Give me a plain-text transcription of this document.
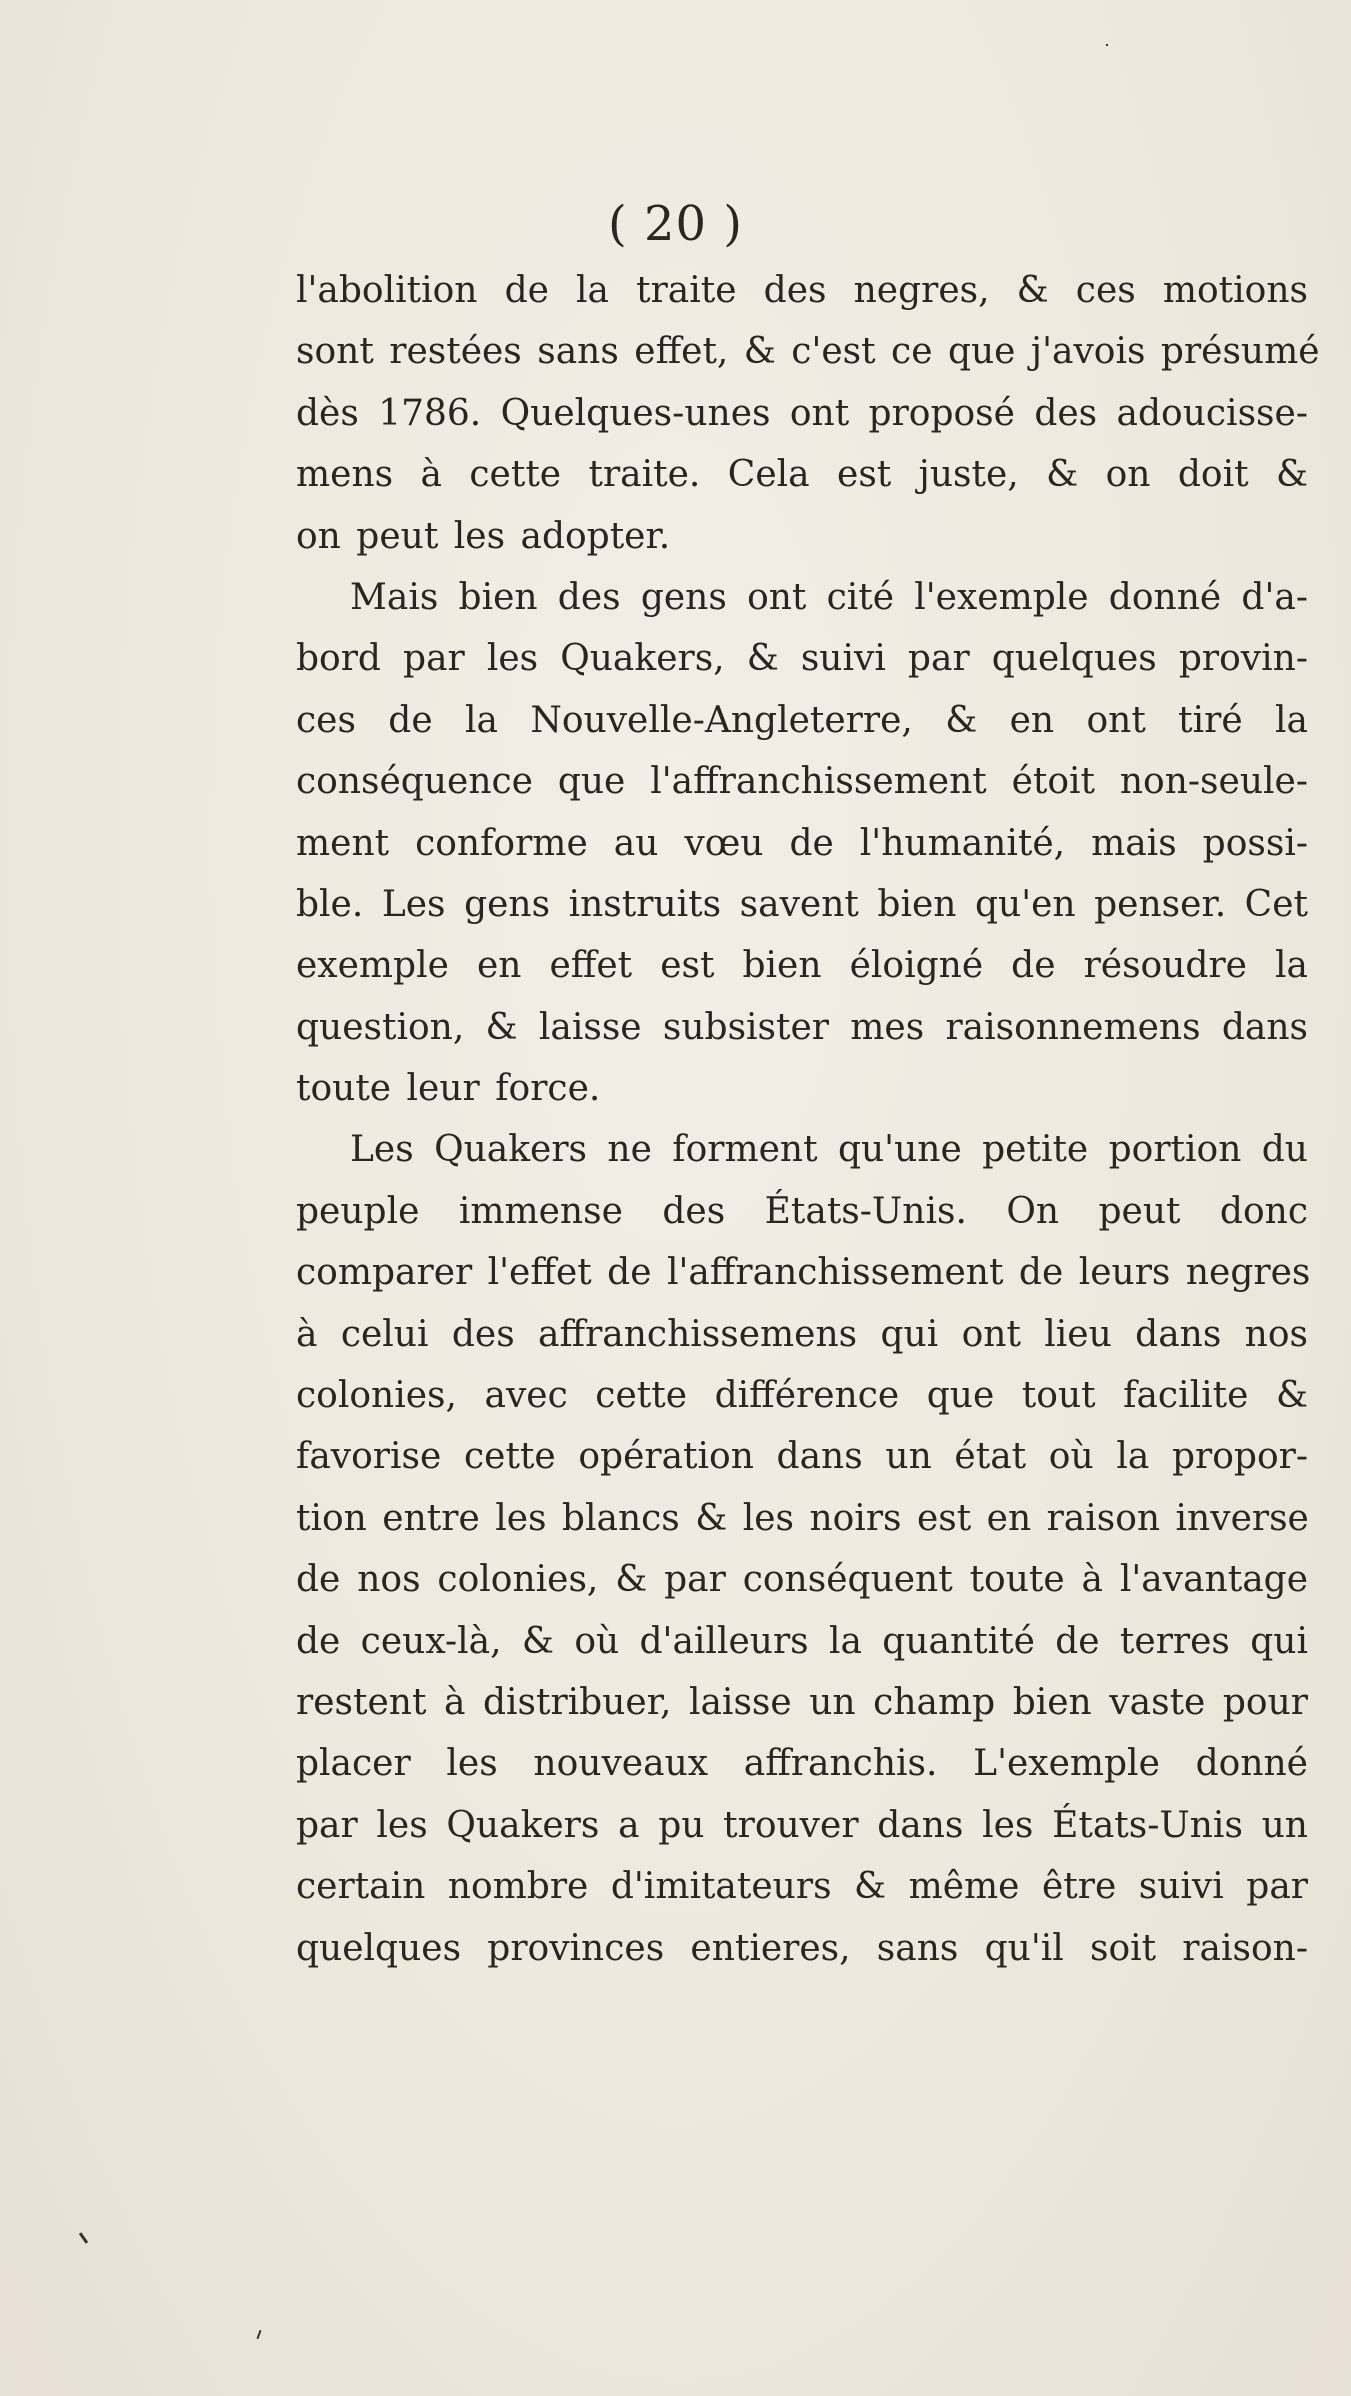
( 20 )
l'abolition de la traite des negres, & ces motions
sont restées sans effet, & c'est ce que j'avois présumé
dès 1786. Quelques-unes ont proposé des adoucisse-
mens à cette traite. Cela est juste, & on doit &
on peut les adopter.
Mais bien des gens ont cité l'exemple donné d'a-
bord par les Quakers, & suivi par quelques provin-
ces de la Nouvelle-Angleterre, & en ont tiré la
conséquence que l'affranchissement étoit non-seule-
ment conforme au vœu de l'humanité, mais possi-
ble. Les gens instruits savent bien qu'en penser. Cet
exemple en effet est bien éloigné de résoudre la
question, & laisse subsister mes raisonnemens dans
toute leur force.
Les Quakers ne forment qu'une petite portion du
peuple immense des États-Unis. On peut donc
comparer l'effet de l'affranchissement de leurs negres
à celui des affranchissemens qui ont lieu dans nos
colonies, avec cette différence que tout facilite &
favorise cette opération dans un état où la propor-
tion entre les blancs & les noirs est en raison inverse
de nos colonies, & par conséquent toute à l'avantage
de ceux-là, & où d'ailleurs la quantité de terres qui
restent à distribuer, laisse un champ bien vaste pour
placer les nouveaux affranchis. L'exemple donné
par les Quakers a pu trouver dans les États-Unis un
certain nombre d'imitateurs & même être suivi par
quelques provinces entieres, sans qu'il soit raison-
